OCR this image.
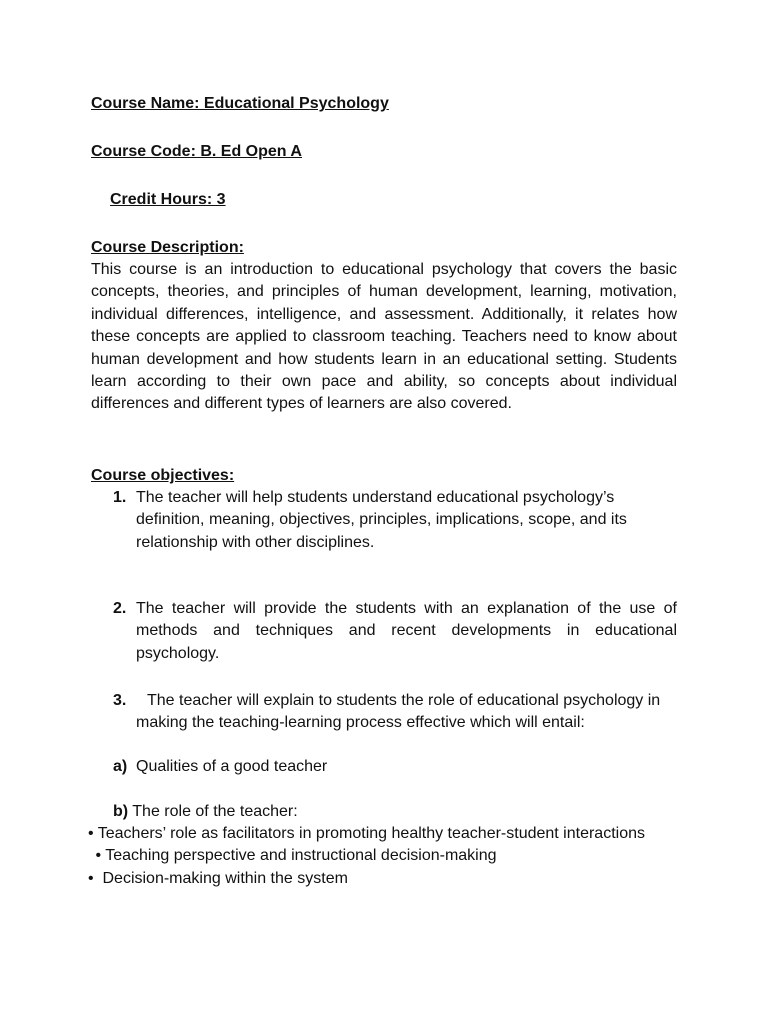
Course Name: Educational Psychology

Course Code: B. Ed Open A

Credit Hours: 3

Course Description:

This course is an introduction to educational psychology that covers the basic concepts, theories, and principles of human development, learning, motivation, individual differences, intelligence, and assessment. Additionally, it relates how these concepts are applied to classroom teaching. Teachers need to know about human development and how students learn in an educational setting. Students learn according to their own pace and ability, so concepts about individual differences and different types of learners are also covered.

Course objectives:

1. The teacher will help students understand educational psychology’s definition, meaning, objectives, principles, implications, scope, and its relationship with other disciplines.

2. The teacher will provide the students with an explanation of the use of methods and techniques and recent developments in educational psychology.

3.	The teacher will explain to students the role of educational psychology in making the teaching-learning process effective which will entail:

a) Qualities of a good teacher
b) The role of the teacher:
• Teachers’ role as facilitators in promoting healthy teacher-student interactions
• Teaching perspective and instructional decision-making
•  Decision-making within the system
